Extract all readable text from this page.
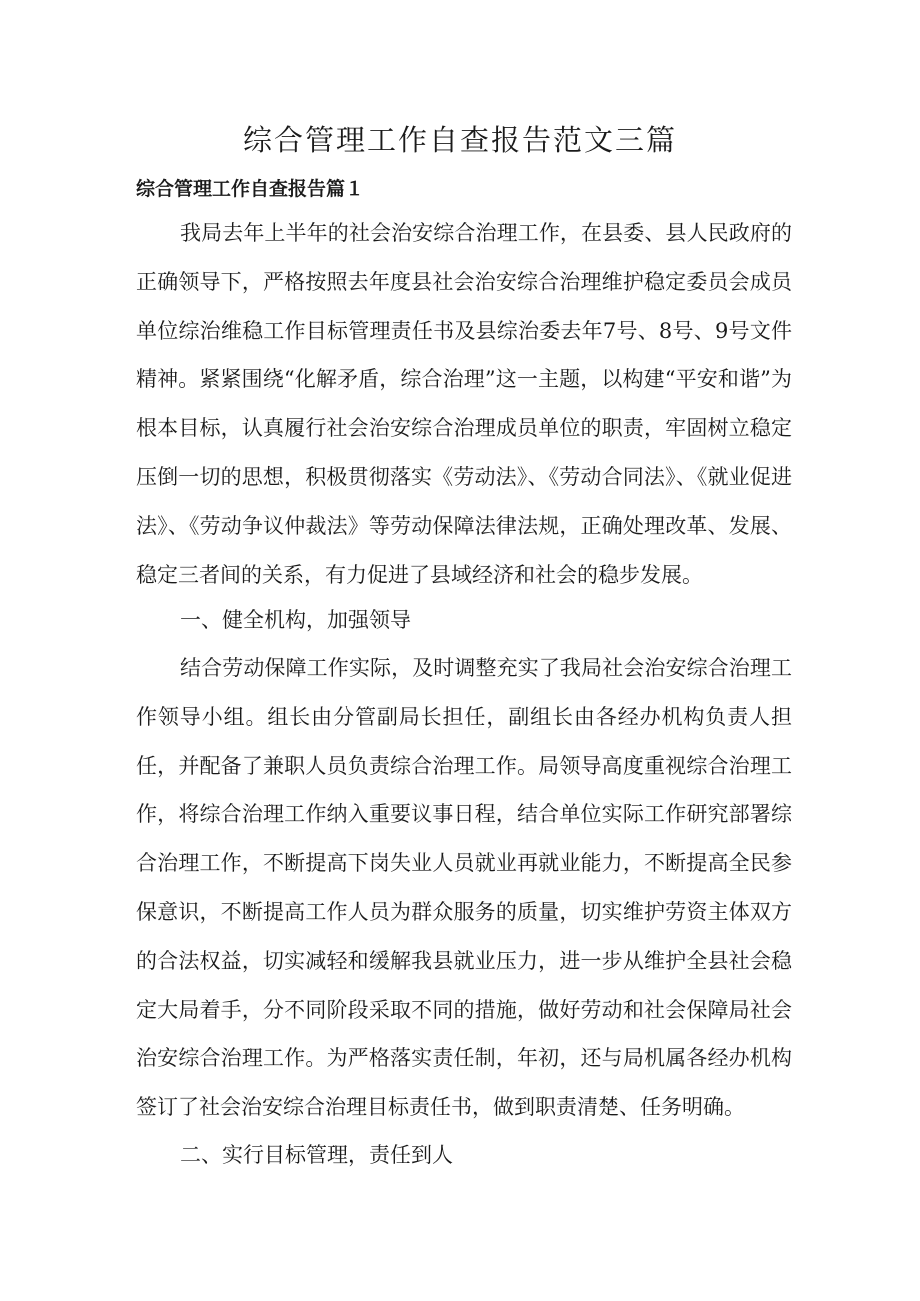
综合管理工作自查报告范文三篇
综合管理工作自查报告篇１

我局去年上半年的社会治安综合治理工作，在县委、县人民政府的正确领导下，严格按照去年度县社会治安综合治理维护稳定委员会成员单位综治维稳工作目标管理责任书及县综治委去年7号、8号、9号文件精神。紧紧围绕“化解矛盾，综合治理”这一主题，以构建“平安和谐”为根本目标，认真履行社会治安综合治理成员单位的职责，牢固树立稳定压倒一切的思想，积极贯彻落实《劳动法》、《劳动合同法》、《就业促进法》、《劳动争议仲裁法》等劳动保障法律法规，正确处理改革、发展、稳定三者间的关系，有力促进了县域经济和社会的稳步发展。

一、健全机构，加强领导

结合劳动保障工作实际，及时调整充实了我局社会治安综合治理工作领导小组。组长由分管副局长担任，副组长由各经办机构负责人担任，并配备了兼职人员负责综合治理工作。局领导高度重视综合治理工作，将综合治理工作纳入重要议事日程，结合单位实际工作研究部署综合治理工作，不断提高下岗失业人员就业再就业能力，不断提高全民参保意识，不断提高工作人员为群众服务的质量，切实维护劳资主体双方的合法权益，切实减轻和缓解我县就业压力，进一步从维护全县社会稳定大局着手，分不同阶段采取不同的措施，做好劳动和社会保障局社会治安综合治理工作。为严格落实责任制，年初，还与局机属各经办机构签订了社会治安综合治理目标责任书，做到职责清楚、任务明确。

二、实行目标管理，责任到人
